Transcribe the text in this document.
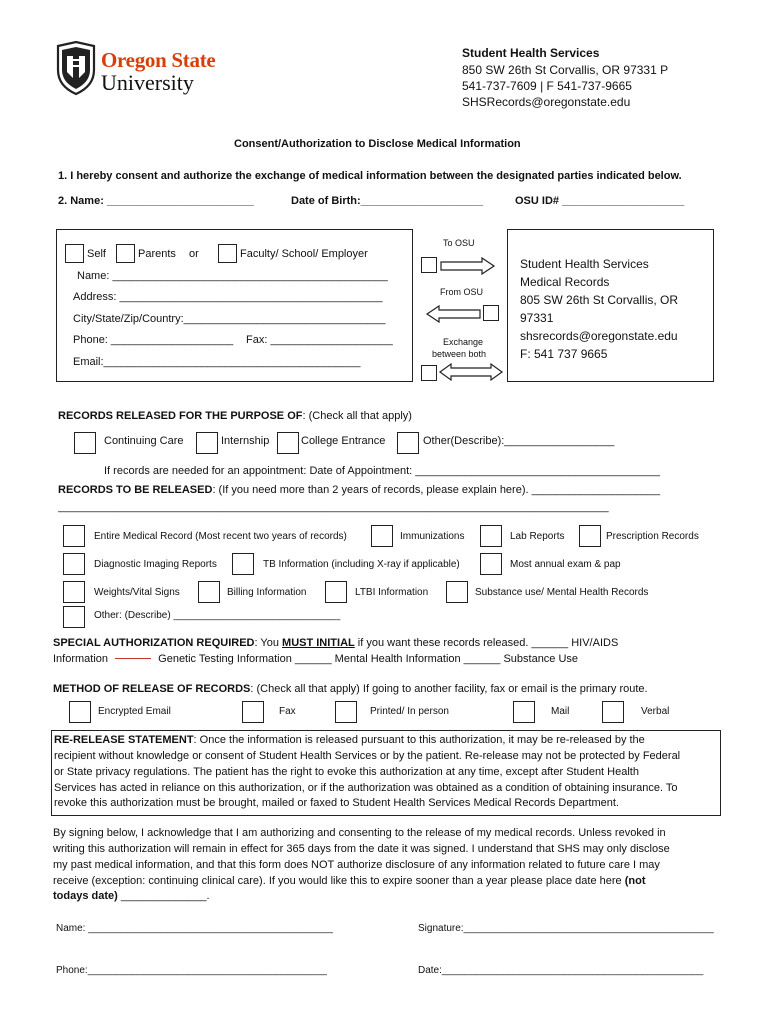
Oregon State
University
Student Health Services
850 SW 26th St Corvallis, OR 97331 P
541-737-7609 | F 541-737-9665
SHSRecords@oregonstate.edu
Consent/Authorization to Disclose Medical Information
1. I hereby consent and authorize the exchange of medical information between the designated parties indicated below.
2. Name: ________________________	Date of Birth:____________________	OSU ID# ____________________
Self	Parents or	Faculty/ School/ Employer
Name: _____________________________________________
Address: ___________________________________________
City/State/Zip/Country:_________________________________
Phone: ____________________ Fax: ____________________
Email:__________________________________________
To OSU
From OSU
Exchange
between both
Student Health Services
Medical Records
805 SW 26th St Corvallis, OR
97331
shsrecords@oregonstate.edu
F: 541 737 9665
RECORDS RELEASED FOR THE PURPOSE OF: (Check all that apply)
Continuing Care	Internship	College Entrance	Other(Describe):__________________
If records are needed for an appointment: Date of Appointment: ________________________________________
RECORDS TO BE RELEASED: (If you need more than 2 years of records, please explain here). _____________________
__________________________________________________________________________________________
Entire Medical Record (Most recent two years of records)	Immunizations	Lab Reports	Prescription Records
Diagnostic Imaging Reports	TB Information (including X-ray if applicable)	Most annual exam & pap
Weights/Vital Signs	Billing Information	LTBI Information	Substance use/ Mental Health Records
Other: (Describe) ______________________________
SPECIAL AUTHORIZATION REQUIRED: You MUST INITIAL if you want these records released. ______ HIV/AIDS
Information	Genetic Testing Information ______ Mental Health Information ______ Substance Use
METHOD OF RELEASE OF RECORDS: (Check all that apply) If going to another facility, fax or email is the primary route.
Encrypted Email	Fax	Printed/ In person	Mail	Verbal
RE-RELEASE STATEMENT: Once the information is released pursuant to this authorization, it may be re-released by the
recipient without knowledge or consent of Student Health Services or by the patient. Re-release may not be protected by Federal
or State privacy regulations. The patient has the right to evoke this authorization at any time, except after Student Health
Services has acted in reliance on this authorization, or if the authorization was obtained as a condition of obtaining insurance. To
revoke this authorization must be brought, mailed or faxed to Student Health Services Medical Records Department.
By signing below, I acknowledge that I am authorizing and consenting to the release of my medical records. Unless revoked in
writing this authorization will remain in effect for 365 days from the date it was signed. I understand that SHS may only disclose
my past medical information, and that this form does NOT authorize disclosure of any information related to future care I may
receive (exception: continuing clinical care). If you would like this to expire sooner than a year please place date here (not
todays date) ______________.
Name: ____________________________________________	Signature:_____________________________________________
Phone:___________________________________________	Date:_______________________________________________
